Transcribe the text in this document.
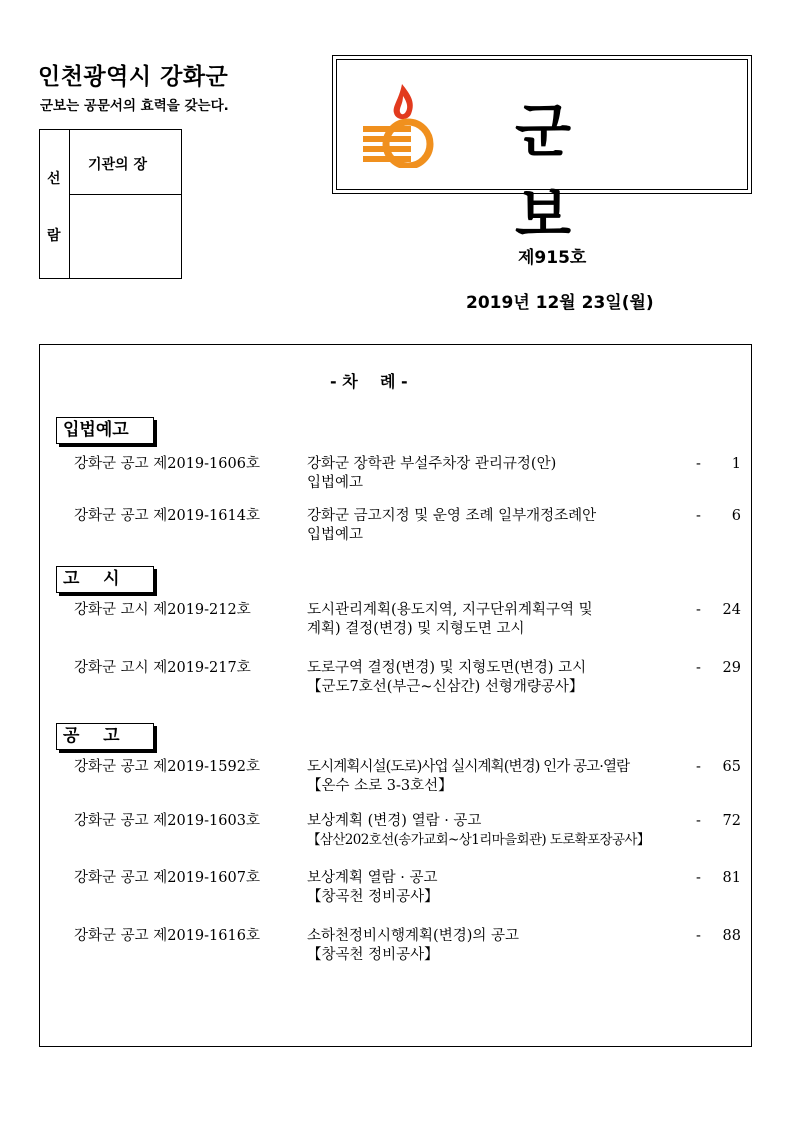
인천광역시 강화군
군보는 공문서의 효력을 갖는다.
선
람
기관의 장	군보
제915호
2019년 12월 23일(월)
- 차    례 -
입법예고
강화군 공고 제2019-1606호	강화군 장학관 부설주차장 관리규정(안)
입법예고
- 1
강화군 공고 제2019-1614호	강화군 금고지정 및 운영 조례 일부개정조례안
입법예고
- 6
고    시
강화군 고시 제2019-212호	도시관리계획(용도지역, 지구단위계획구역 및
계획) 결정(변경) 및 지형도면 고시
- 24
강화군 고시 제2019-217호	도로구역 결정(변경) 및 지형도면(변경) 고시
【군도7호선(부근~신삼간) 선형개량공사】
- 29
공    고
강화군 공고 제2019-1592호	도시계획시설(도로)사업 실시계획(변경) 인가 공고·열람
【온수 소로 3-3호선】
- 65
강화군 공고 제2019-1603호	보상계획 (변경) 열람 · 공고
【삼산202호선(송가교회~상1리마을회관) 도로확포장공사】
- 72
강화군 공고 제2019-1607호	보상계획 열람 · 공고
【창곡천 정비공사】
- 81
강화군 공고 제2019-1616호	소하천정비시행계획(변경)의 공고
【창곡천 정비공사】
- 88
